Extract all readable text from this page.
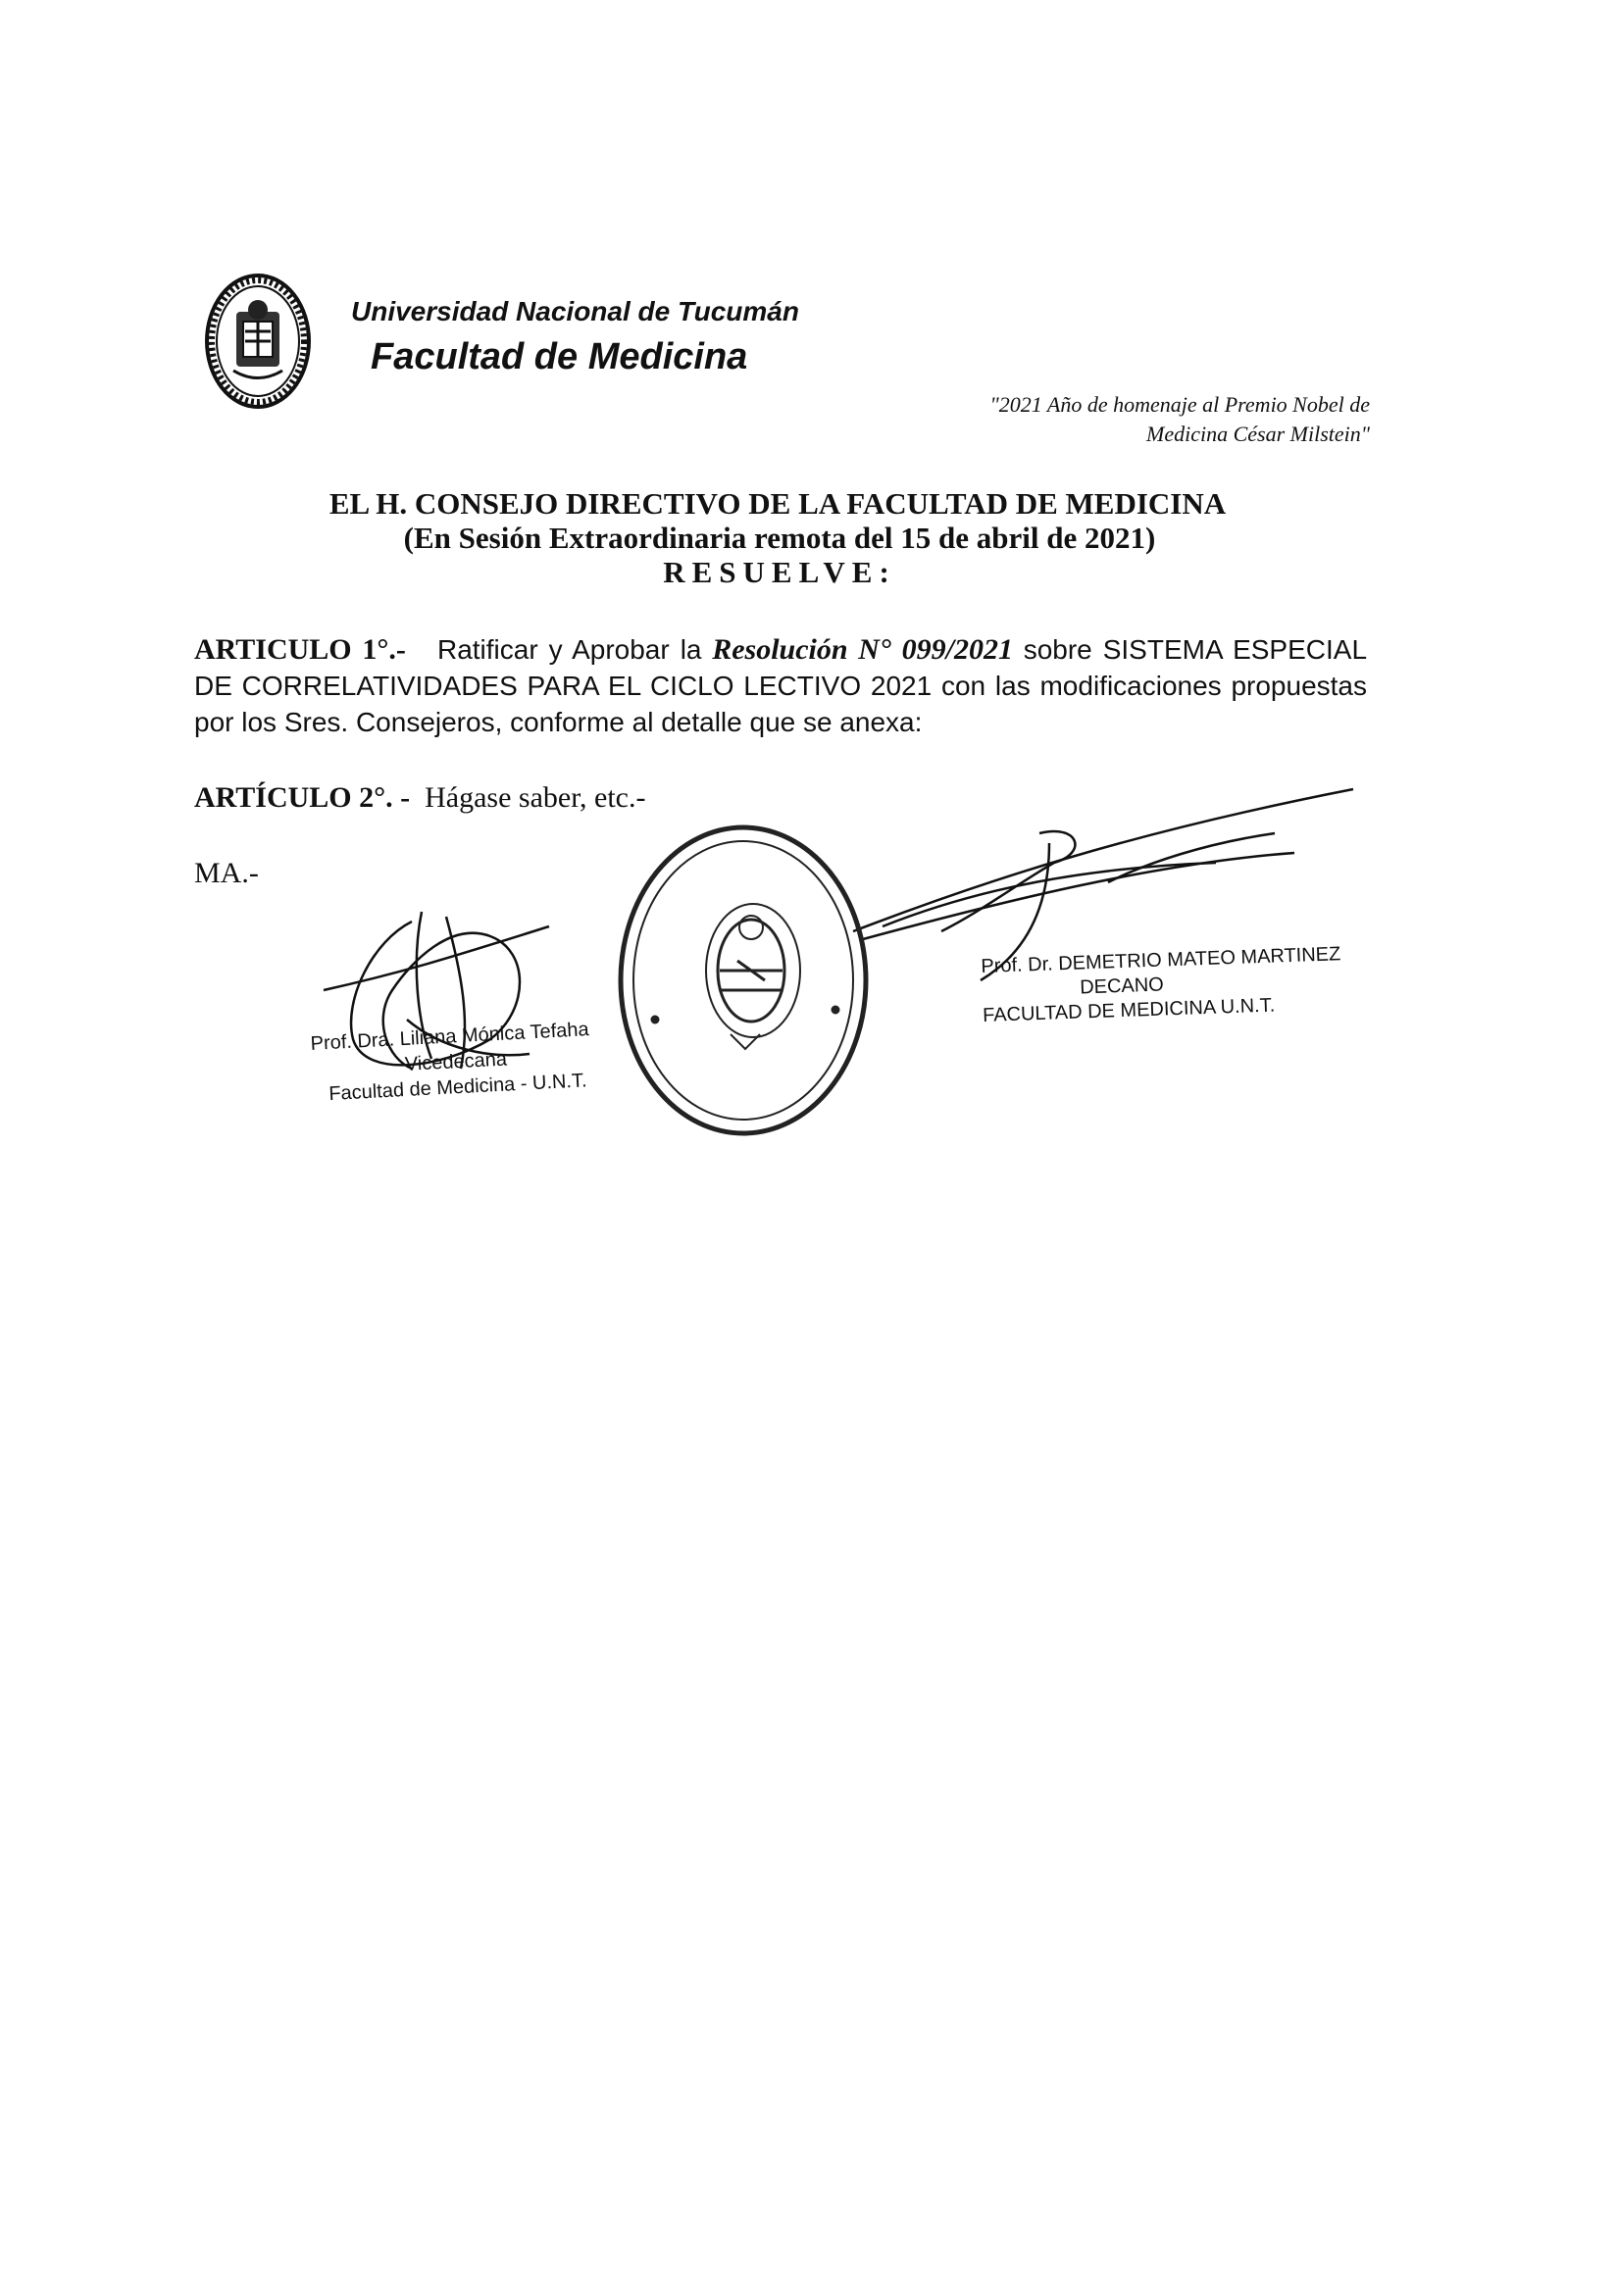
Universidad Nacional de Tucumán
Facultad de Medicina
"2021 Año de homenaje al Premio Nobel de
Medicina César Milstein"
EL H. CONSEJO DIRECTIVO DE LA FACULTAD DE MEDICINA
(En Sesión Extraordinaria remota del 15 de abril de 2021)
RESUELVE:
ARTICULO 1°.- Ratificar y Aprobar la Resolución N° 099/2021 sobre SISTEMA ESPECIAL DE CORRELATIVIDADES PARA EL CICLO LECTIVO 2021 con las modificaciones propuestas por los Sres. Consejeros, conforme al detalle que se anexa:
ARTÍCULO 2°. - Hágase saber, etc.-
MA.-
Prof. Dra. Liliana Mónica Tefaha
Vicedecana
Facultad de Medicina - U.N.T.
Prof. Dr. DEMETRIO MATEO MARTINEZ
DECANO
FACULTAD DE MEDICINA U.N.T.
